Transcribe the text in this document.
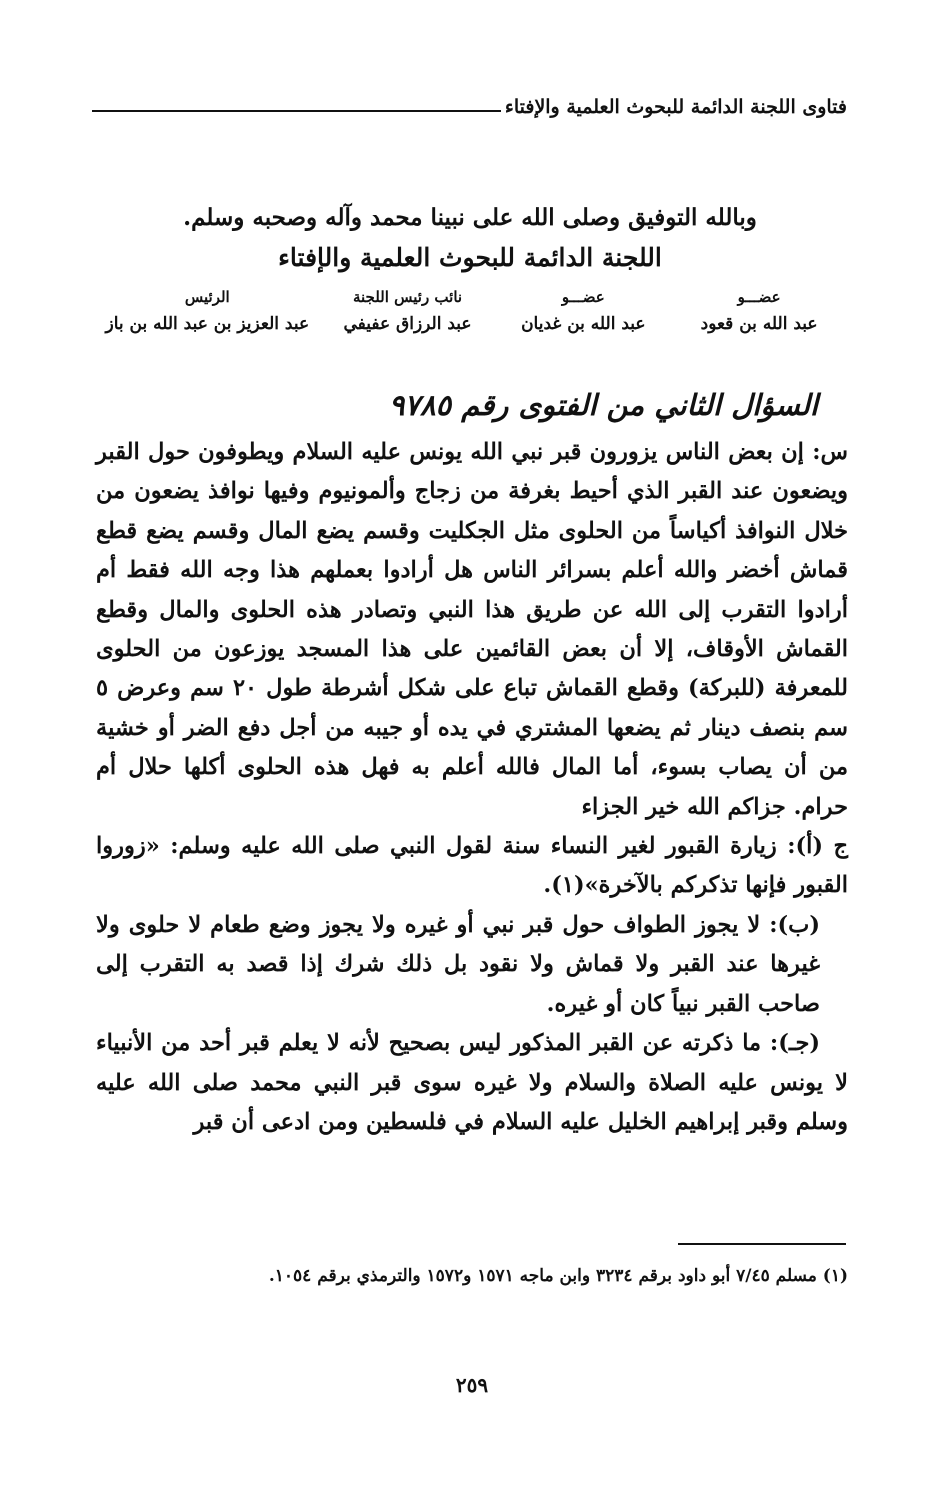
فتاوى اللجنة الدائمة للبحوث العلمية والإفتاء
وبالله التوفيق وصلى الله على نبينا محمد وآله وصحبه وسلم.
اللجنة الدائمة للبحوث العلمية والإفتاء
عضـــو
عبد الله بن قعود
عضـــو
عبد الله بن غديان
نائب رئيس اللجنة
عبد الرزاق عفيفي
الرئيس
عبد العزيز بن عبد الله بن باز
السؤال الثاني من الفتوى رقم ٩٧٨٥

س: إن بعض الناس يزورون قبر نبي الله يونس عليه السلام ويطوفون حول القبر ويضعون عند القبر الذي أحيط بغرفة من زجاج وألمونيوم وفيها نوافذ يضعون من خلال النوافذ أكياساً من الحلوى مثل الجكليت وقسم يضع المال وقسم يضع قطع قماش أخضر والله أعلم بسرائر الناس هل أرادوا بعملهم هذا وجه الله فقط أم أرادوا التقرب إلى الله عن طريق هذا النبي وتصادر هذه الحلوى والمال وقطع القماش الأوقاف، إلا أن بعض القائمين على هذا المسجد يوزعون من الحلوى للمعرفة (للبركة) وقطع القماش تباع على شكل أشرطة طول ٢٠ سم وعرض ٥ سم بنصف دينار ثم يضعها المشتري في يده أو جيبه من أجل دفع الضر أو خشية من أن يصاب بسوء، أما المال فالله أعلم به فهل هذه الحلوى أكلها حلال أم حرام. جزاكم الله خير الجزاء

ج (أ): زيارة القبور لغير النساء سنة لقول النبي صلى الله عليه وسلم: «زوروا القبور فإنها تذكركم بالآخرة»(١).

(ب): لا يجوز الطواف حول قبر نبي أو غيره ولا يجوز وضع طعام لا حلوى ولا غيرها عند القبر ولا قماش ولا نقود بل ذلك شرك إذا قصد به التقرب إلى صاحب القبر نبياً كان أو غيره.

(جـ): ما ذكرته عن القبر المذكور ليس بصحيح لأنه لا يعلم قبر أحد من الأنبياء لا يونس عليه الصلاة والسلام ولا غيره سوى قبر النبي محمد صلى الله عليه وسلم وقبر إبراهيم الخليل عليه السلام في فلسطين ومن ادعى أن قبر

(١) مسلم ٧/٤٥ أبو داود برقم ٣٢٣٤ وابن ماجه ١٥٧١ و١٥٧٢ والترمذي برقم ١٠٥٤.
٢٥٩
